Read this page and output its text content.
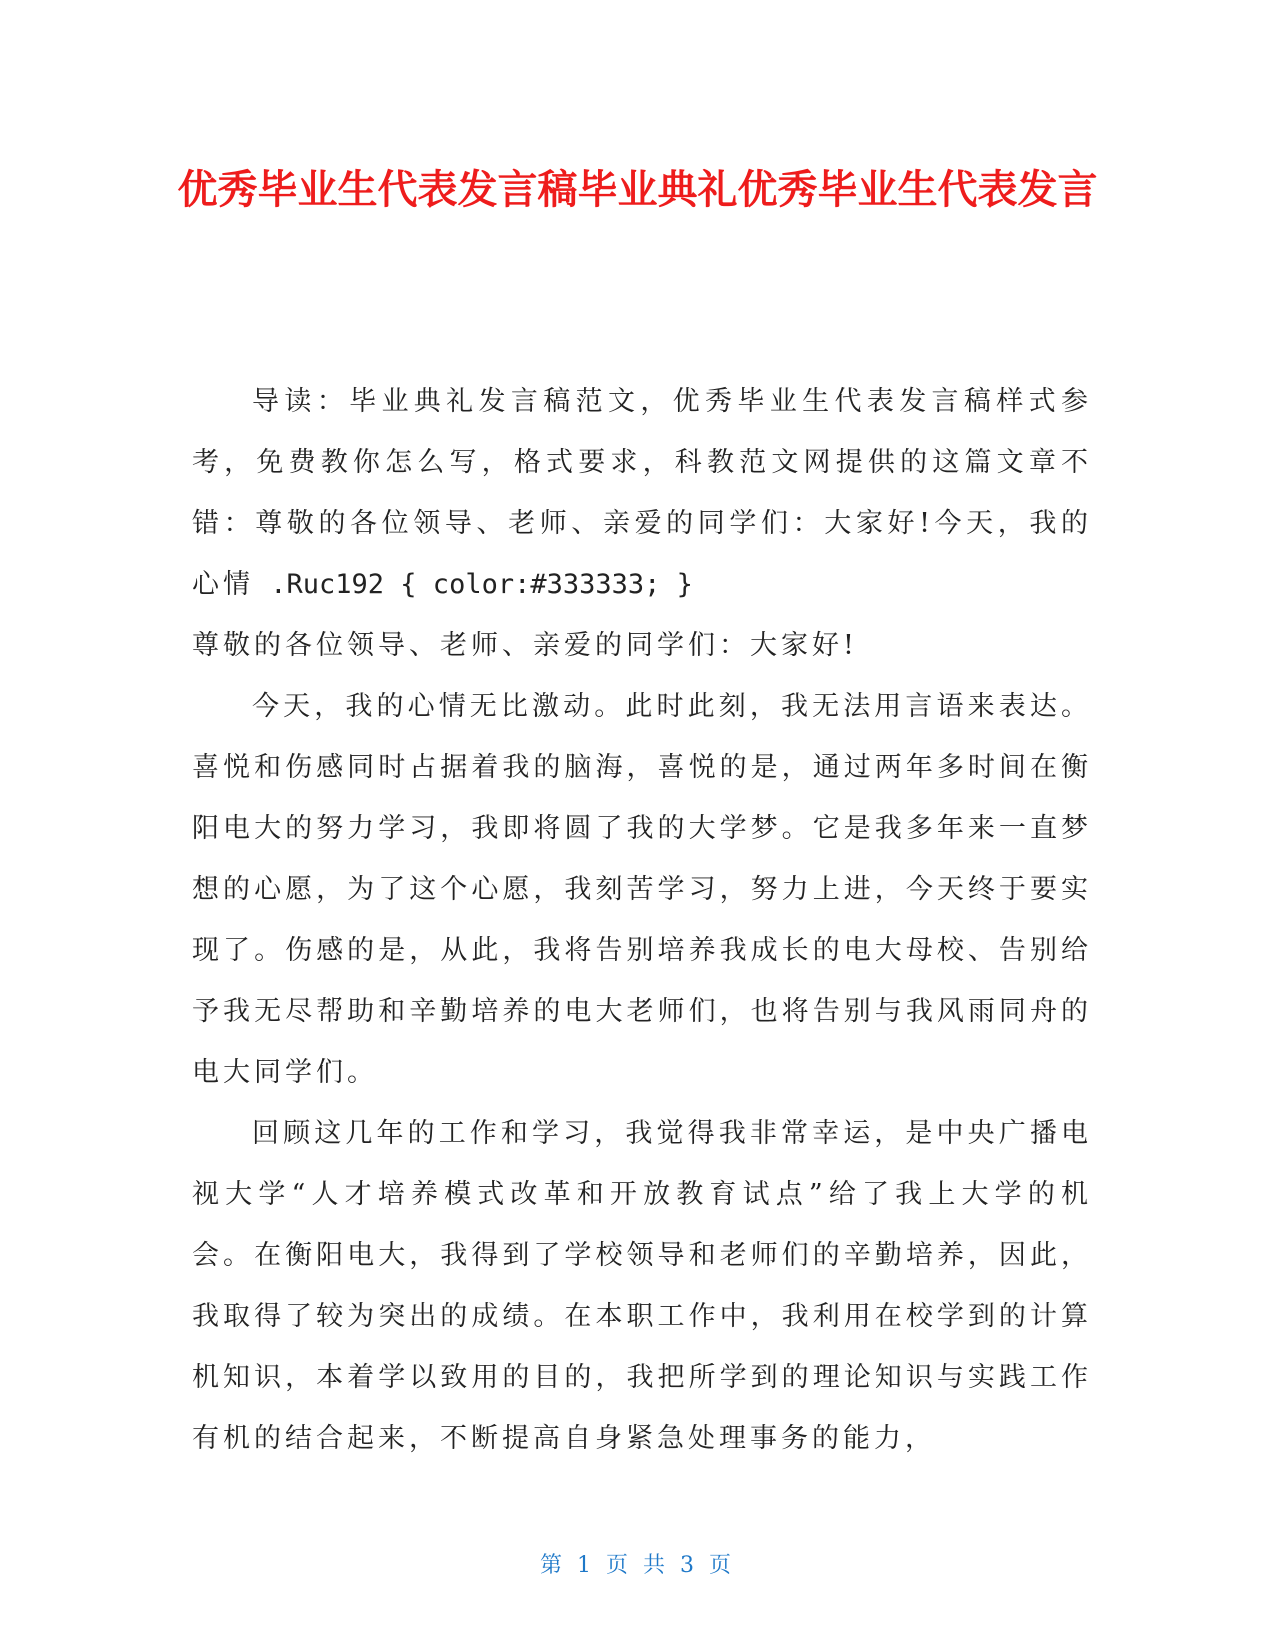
优秀毕业生代表发言稿毕业典礼优秀毕业生代表发言

导读：毕业典礼发言稿范文，优秀毕业生代表发言稿样式参考，免费教你怎么写，格式要求，科教范文网提供的这篇文章不错：尊敬的各位领导、老师、亲爱的同学们：大家好!今天，我的心情 .Ruc192 { color:#333333; }

尊敬的各位领导、老师、亲爱的同学们：大家好!

今天，我的心情无比激动。此时此刻，我无法用言语来表达。喜悦和伤感同时占据着我的脑海，喜悦的是，通过两年多时间在衡阳电大的努力学习，我即将圆了我的大学梦。它是我多年来一直梦想的心愿，为了这个心愿，我刻苦学习，努力上进，今天终于要实现了。伤感的是，从此，我将告别培养我成长的电大母校、告别给予我无尽帮助和辛勤培养的电大老师们，也将告别与我风雨同舟的电大同学们。

回顾这几年的工作和学习，我觉得我非常幸运，是中央广播电视大学“人才培养模式改革和开放教育试点”给了我上大学的机会。在衡阳电大，我得到了学校领导和老师们的辛勤培养，因此，我取得了较为突出的成绩。在本职工作中，我利用在校学到的计算机知识，本着学以致用的目的，我把所学到的理论知识与实践工作有机的结合起来，不断提高自身紧急处理事务的能力，

第 1 页 共 3 页
